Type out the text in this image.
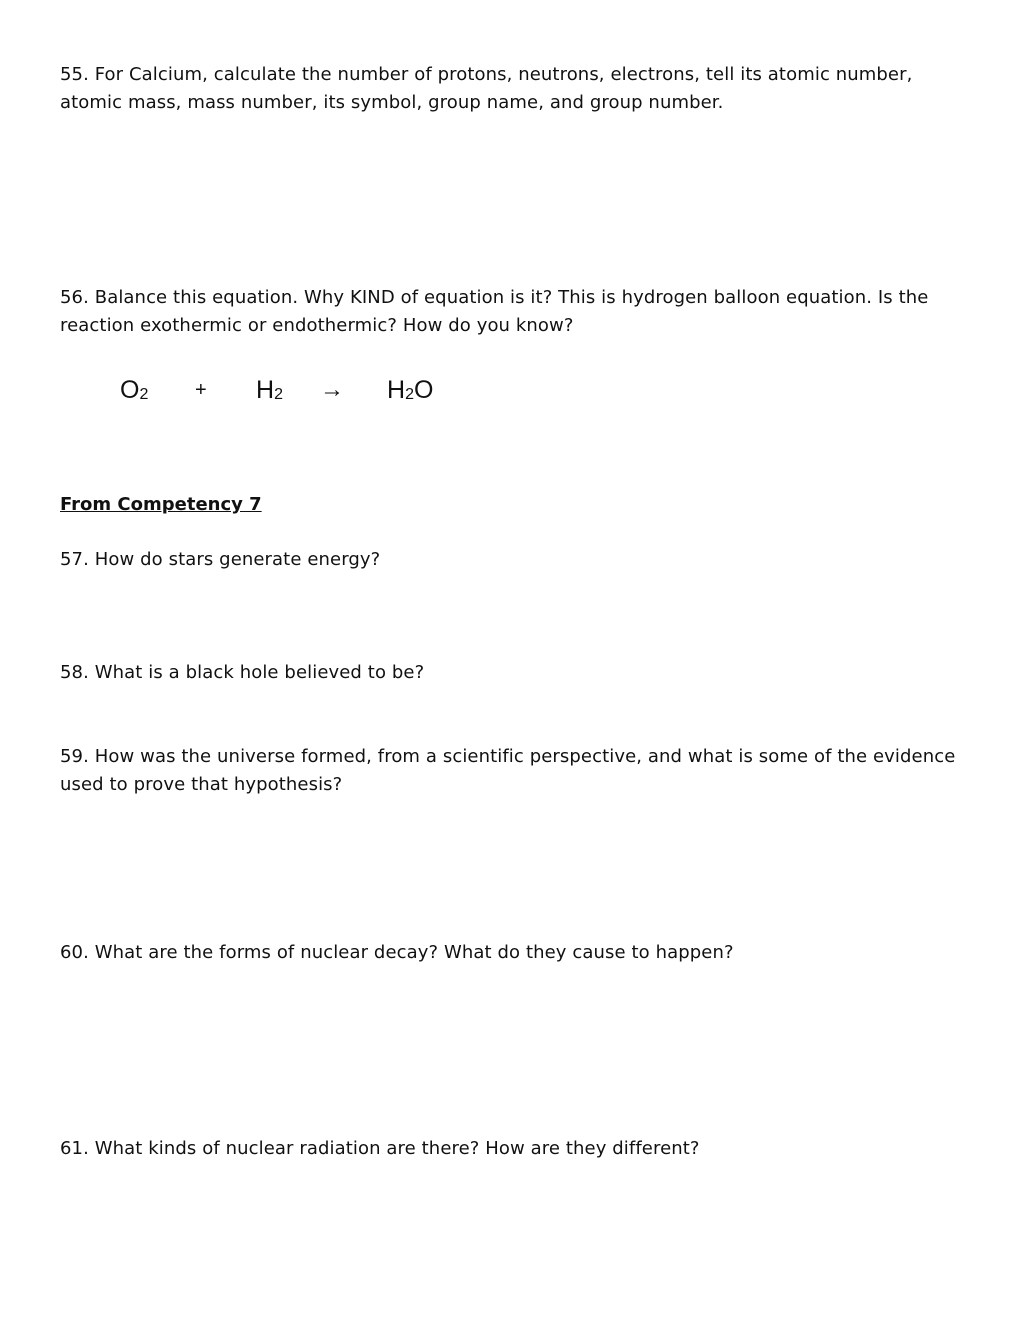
55. For Calcium, calculate the number of protons, neutrons, electrons, tell its atomic number, atomic mass, mass number, its symbol, group name, and group number.

56. Balance this equation. Why KIND of equation is it? This is hydrogen balloon equation. Is the reaction exothermic or endothermic? How do you know?

$O_2 + H_2 \to H_2O$

From Competency 7

57. How do stars generate energy?

58. What is a black hole believed to be?

59. How was the universe formed, from a scientific perspective, and what is some of the evidence used to prove that hypothesis?

60. What are the forms of nuclear decay? What do they cause to happen?

61. What kinds of nuclear radiation are there? How are they different?
